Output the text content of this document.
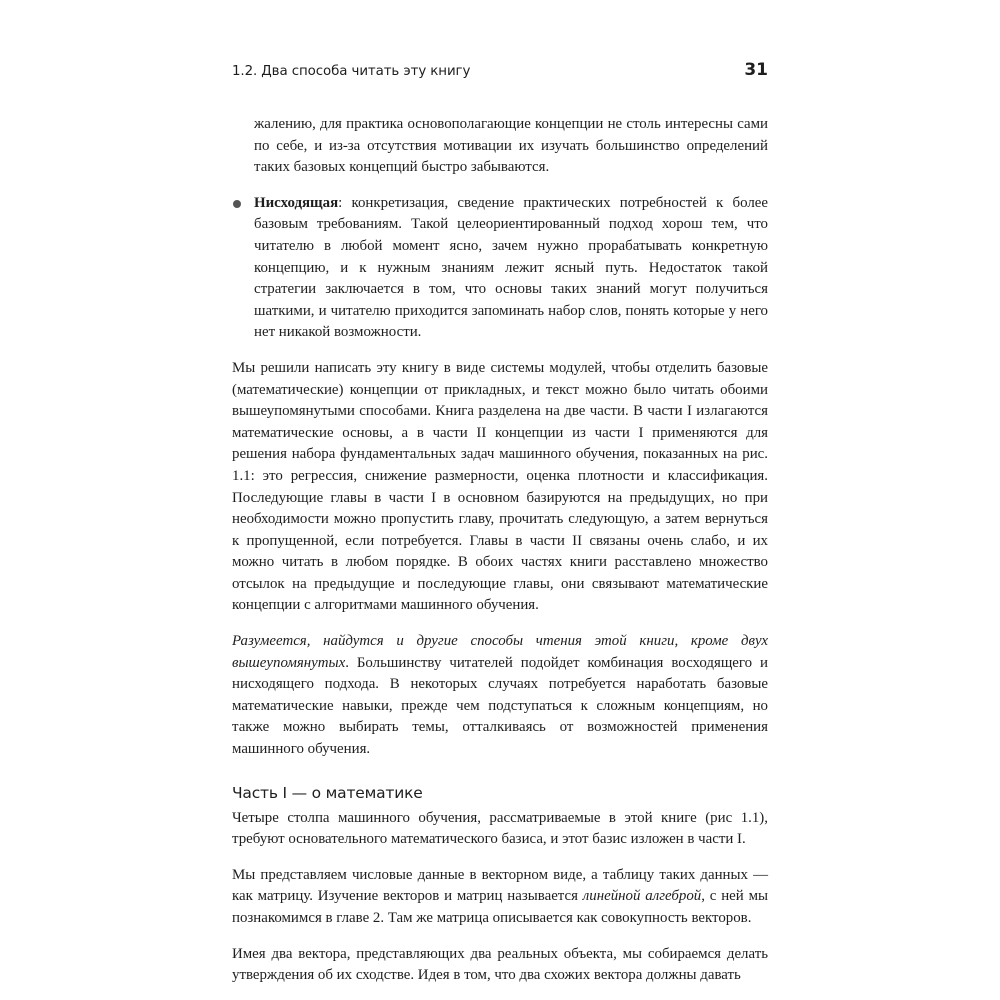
1.2. Два способа читать эту книгу	31

жалению, для практика основополагающие концепции не столь интересны сами по себе, и из-за отсутствия мотивации их изучать большинство определений таких базовых концепций быстро забываются.

Нисходящая: конкретизация, сведение практических потребностей к более базовым требованиям. Такой целеориентированный подход хорош тем, что читателю в любой момент ясно, зачем нужно прорабатывать конкретную концепцию, и к нужным знаниям лежит ясный путь. Недостаток такой стратегии заключается в том, что основы таких знаний могут получиться шаткими, и читателю приходится запоминать набор слов, понять которые у него нет никакой возможности.

Мы решили написать эту книгу в виде системы модулей, чтобы отделить базовые (математические) концепции от прикладных, и текст можно было читать обоими вышеупомянутыми способами. Книга разделена на две части. В части I излагаются математические основы, а в части II концепции из части I применяются для решения набора фундаментальных задач машинного обучения, показанных на рис. 1.1: это регрессия, снижение размерности, оценка плотности и классификация. Последующие главы в части I в основном базируются на предыдущих, но при необходимости можно пропустить главу, прочитать следующую, а затем вернуться к пропущенной, если потребуется. Главы в части II связаны очень слабо, и их можно читать в любом порядке. В обоих частях книги расставлено множество отсылок на предыдущие и последующие главы, они связывают математические концепции с алгоритмами машинного обучения.

Разумеется, найдутся и другие способы чтения этой книги, кроме двух вышеупомянутых. Большинству читателей подойдет комбинация восходящего и нисходящего подхода. В некоторых случаях потребуется наработать базовые математические навыки, прежде чем подступаться к сложным концепциям, но также можно выбирать темы, отталкиваясь от возможностей применения машинного обучения.

Часть I — о математике

Четыре столпа машинного обучения, рассматриваемые в этой книге (рис 1.1), требуют основательного математического базиса, и этот базис изложен в части I.

Мы представляем числовые данные в векторном виде, а таблицу таких данных — как матрицу. Изучение векторов и матриц называется линейной алгеброй, с ней мы познакомимся в главе 2. Там же матрица описывается как совокупность векторов.

Имея два вектора, представляющих два реальных объекта, мы собираемся делать утверждения об их сходстве. Идея в том, что два схожих вектора должны давать
